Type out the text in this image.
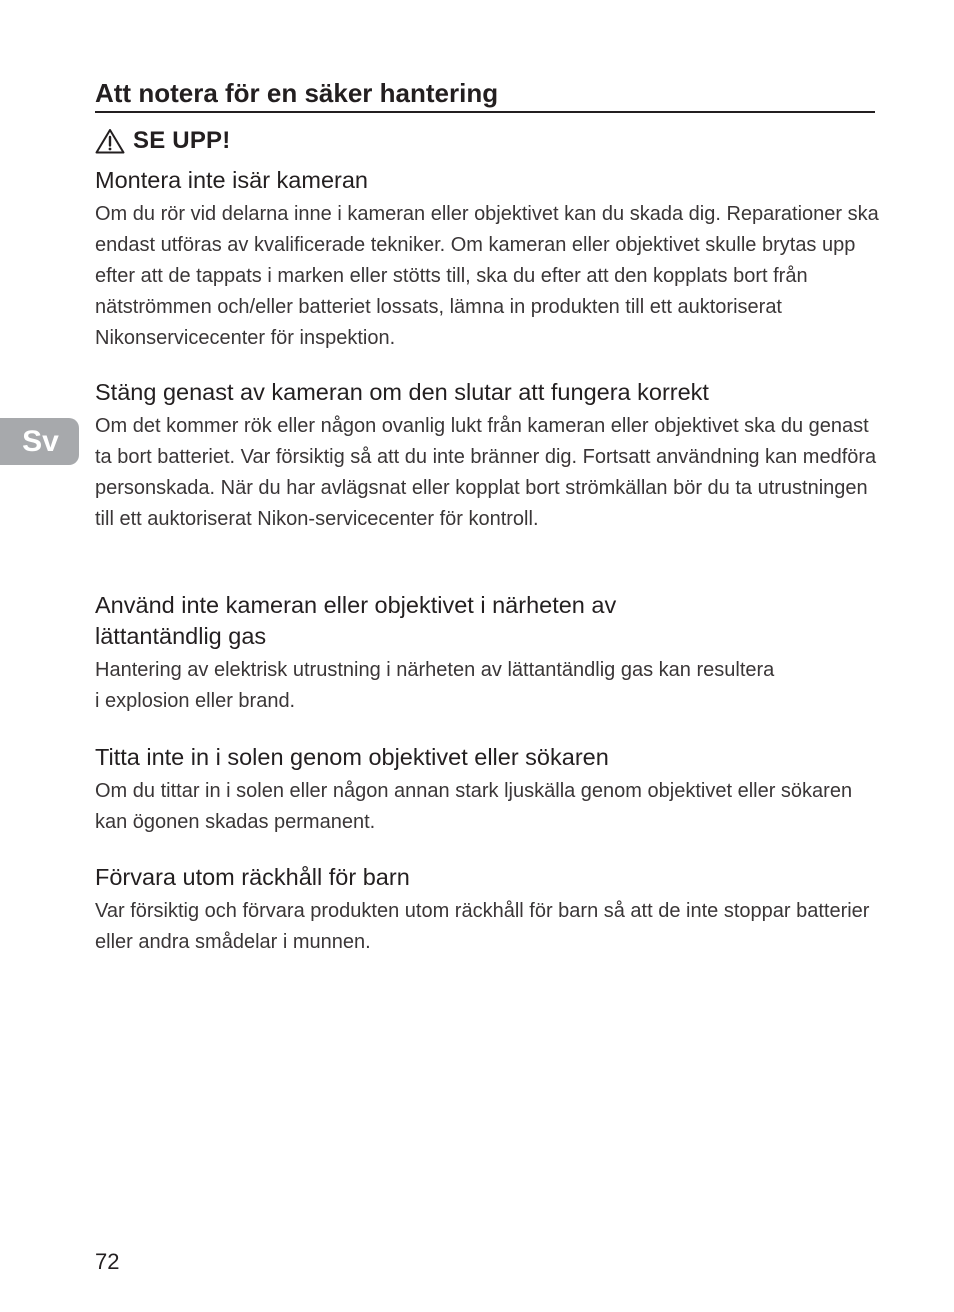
Att notera för en säker hantering
SE UPP!
Sv
Montera inte isär kameran

Om du rör vid delarna inne i kameran eller objektivet kan du skada dig. Reparationer ska endast utföras av kvalificerade tekniker. Om kameran eller objektivet skulle brytas upp efter att de tappats i marken eller stötts till, ska du efter att den kopplats bort från nätströmmen och/eller batteriet lossats, lämna in produkten till ett auktoriserat Nikonservicecenter för inspektion.

Stäng genast av kameran om den slutar att fungera korrekt

Om det kommer rök eller någon ovanlig lukt från kameran eller objektivet ska du genast ta bort batteriet. Var försiktig så att du inte bränner dig. Fortsatt användning kan medföra personskada. När du har avlägsnat eller kopplat bort strömkällan bör du ta utrustningen till ett auktoriserat Nikon-servicecenter för kontroll.

Använd inte kameran eller objektivet i närheten av lättantändlig gas

Hantering av elektrisk utrustning i närheten av lättantändlig gas kan resultera i explosion eller brand.

Titta inte in i solen genom objektivet eller sökaren

Om du tittar in i solen eller någon annan stark ljuskälla genom objektivet eller sökaren kan ögonen skadas permanent.

Förvara utom räckhåll för barn

Var försiktig och förvara produkten utom räckhåll för barn så att de inte stoppar batterier eller andra smådelar i munnen.

72
